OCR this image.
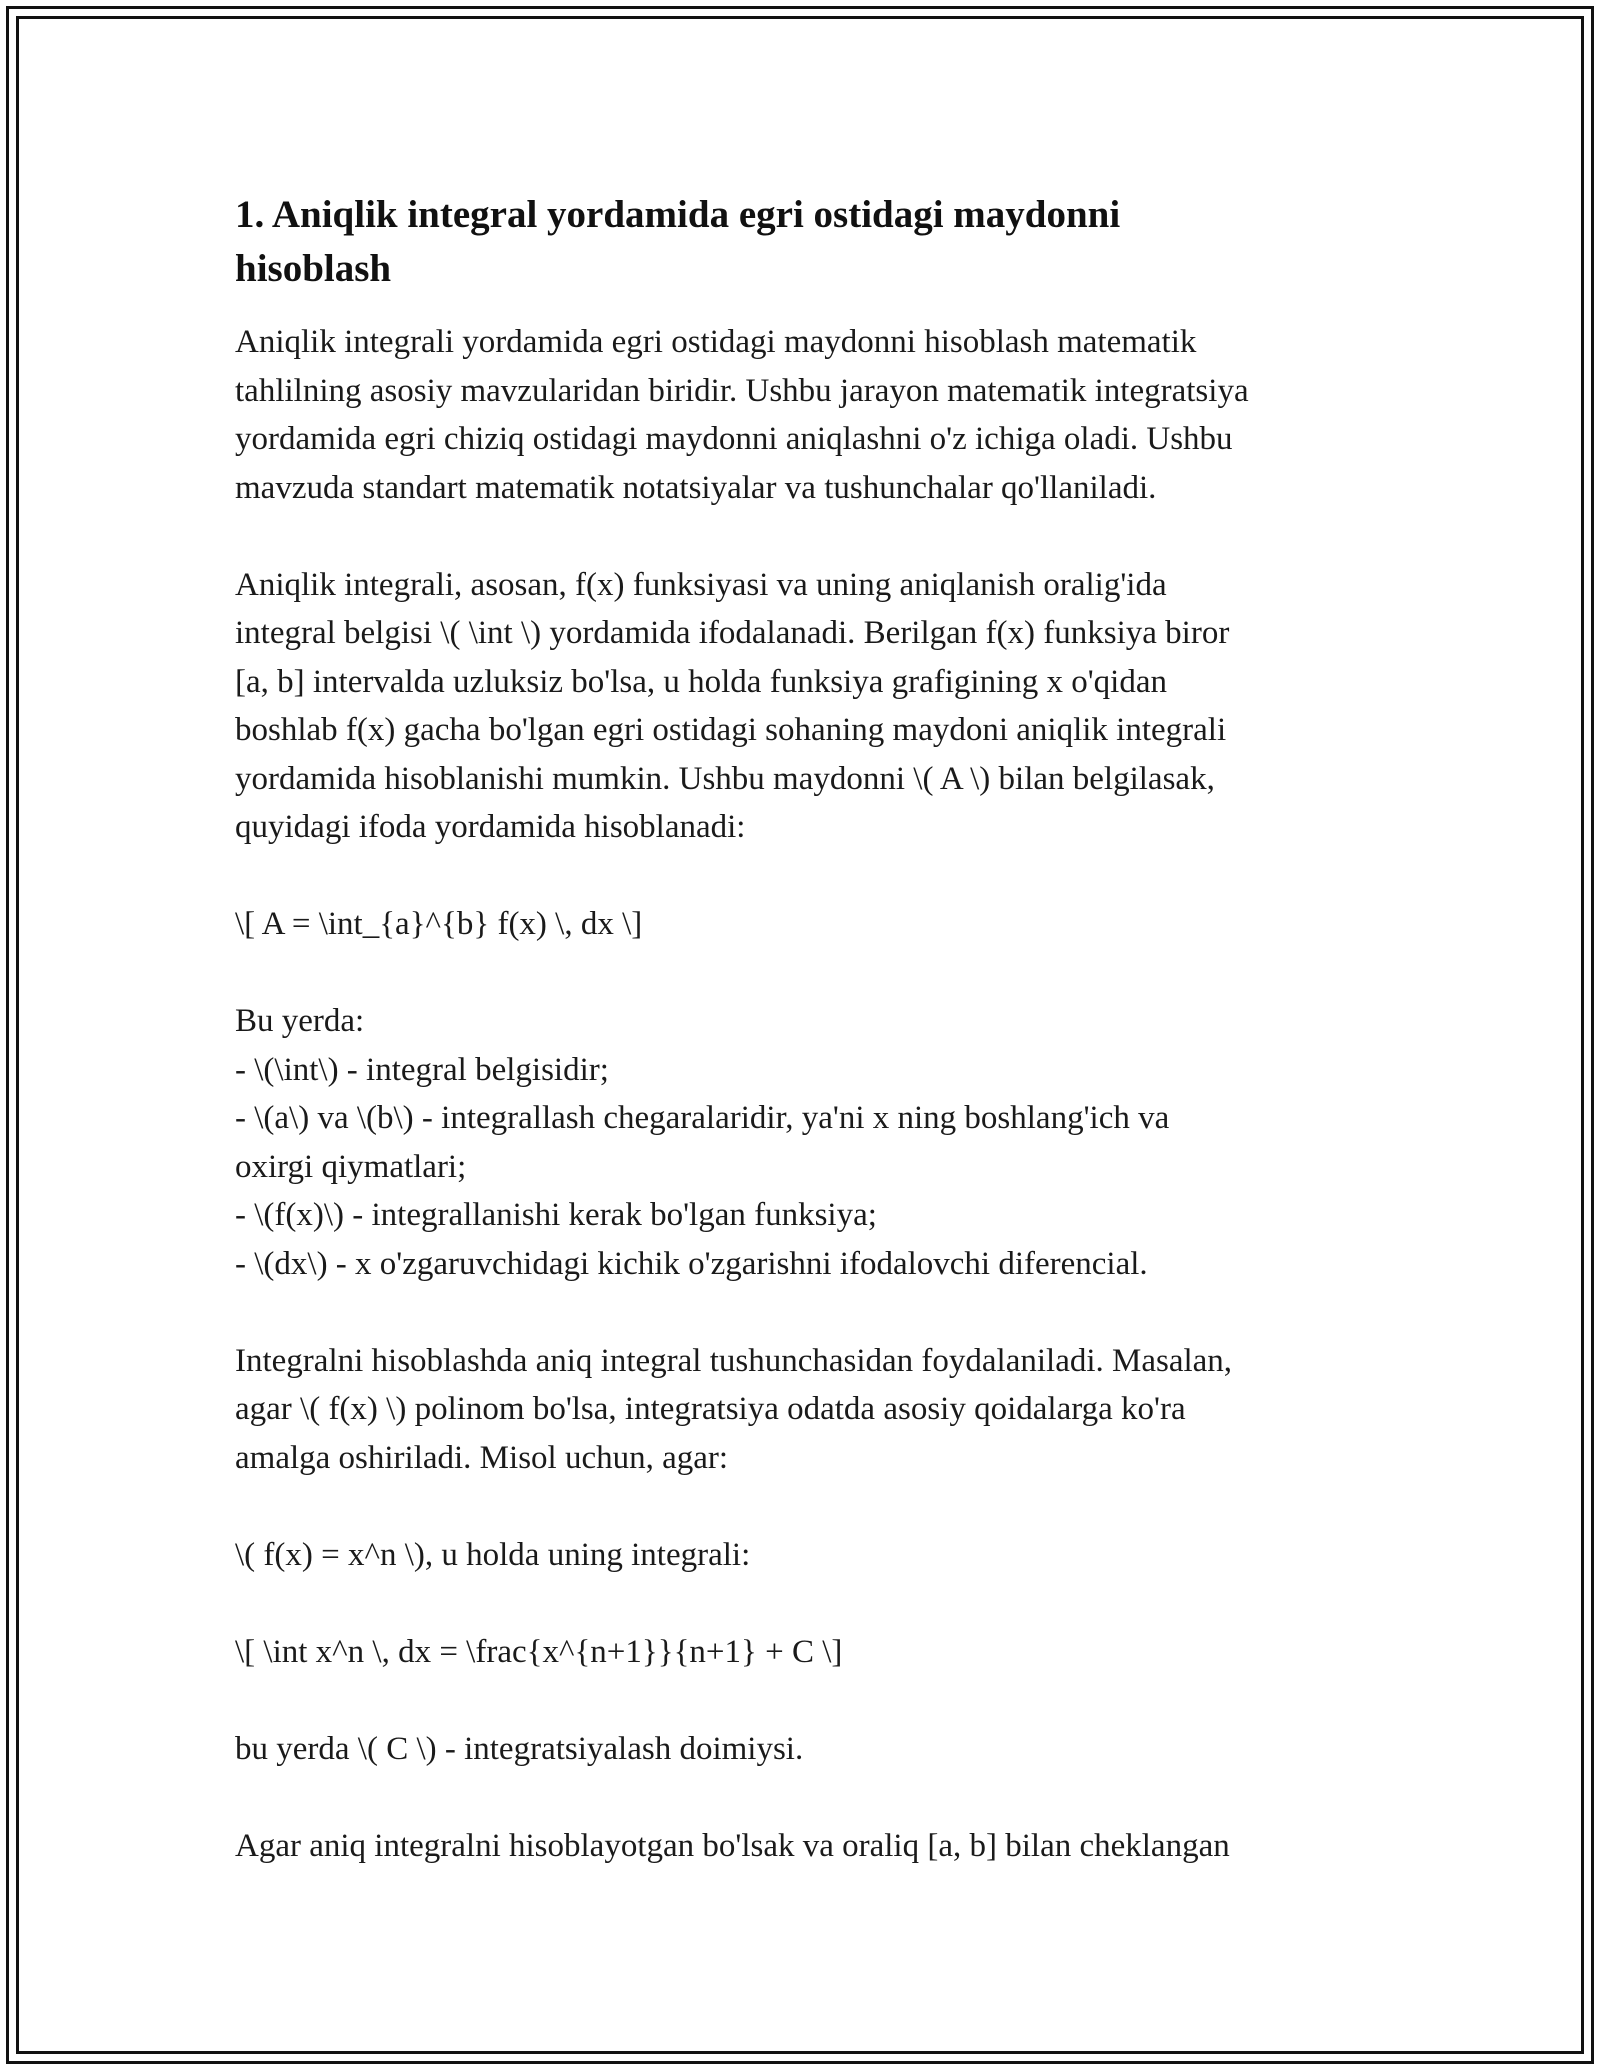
1. Aniqlik integral yordamida egri ostidagi maydonni hisoblash

Aniqlik integrali yordamida egri ostidagi maydonni hisoblash matematik
tahlilning asosiy mavzularidan biridir. Ushbu jarayon matematik integratsiya
yordamida egri chiziq ostidagi maydonni aniqlashni o'z ichiga oladi. Ushbu
mavzuda standart matematik notatsiyalar va tushunchalar qo'llaniladi.

Aniqlik integrali, asosan, f(x) funksiyasi va uning aniqlanish oralig'ida
integral belgisi \( \int \) yordamida ifodalanadi. Berilgan f(x) funksiya biror
[a, b] intervalda uzluksiz bo'lsa, u holda funksiya grafigining x o'qidan
boshlab f(x) gacha bo'lgan egri ostidagi sohaning maydoni aniqlik integrali
yordamida hisoblanishi mumkin. Ushbu maydonni \( A \) bilan belgilasak,
quyidagi ifoda yordamida hisoblanadi:

\[ A = \int_{a}^{b} f(x) \, dx \]

Bu yerda:
- \(\int\) - integral belgisidir;
- \(a\) va \(b\) - integrallash chegaralaridir, ya'ni x ning boshlang'ich va
oxirgi qiymatlari;
- \(f(x)\) - integrallanishi kerak bo'lgan funksiya;
- \(dx\) - x o'zgaruvchidagi kichik o'zgarishni ifodalovchi diferencial.

Integralni hisoblashda aniq integral tushunchasidan foydalaniladi. Masalan,
agar \( f(x) \) polinom bo'lsa, integratsiya odatda asosiy qoidalarga ko'ra
amalga oshiriladi. Misol uchun, agar:

\( f(x) = x^n \), u holda uning integrali:

\[ \int x^n \, dx = \frac{x^{n+1}}{n+1} + C \]

bu yerda \( C \) - integratsiyalash doimiysi.

Agar aniq integralni hisoblayotgan bo'lsak va oraliq [a, b] bilan cheklangan
